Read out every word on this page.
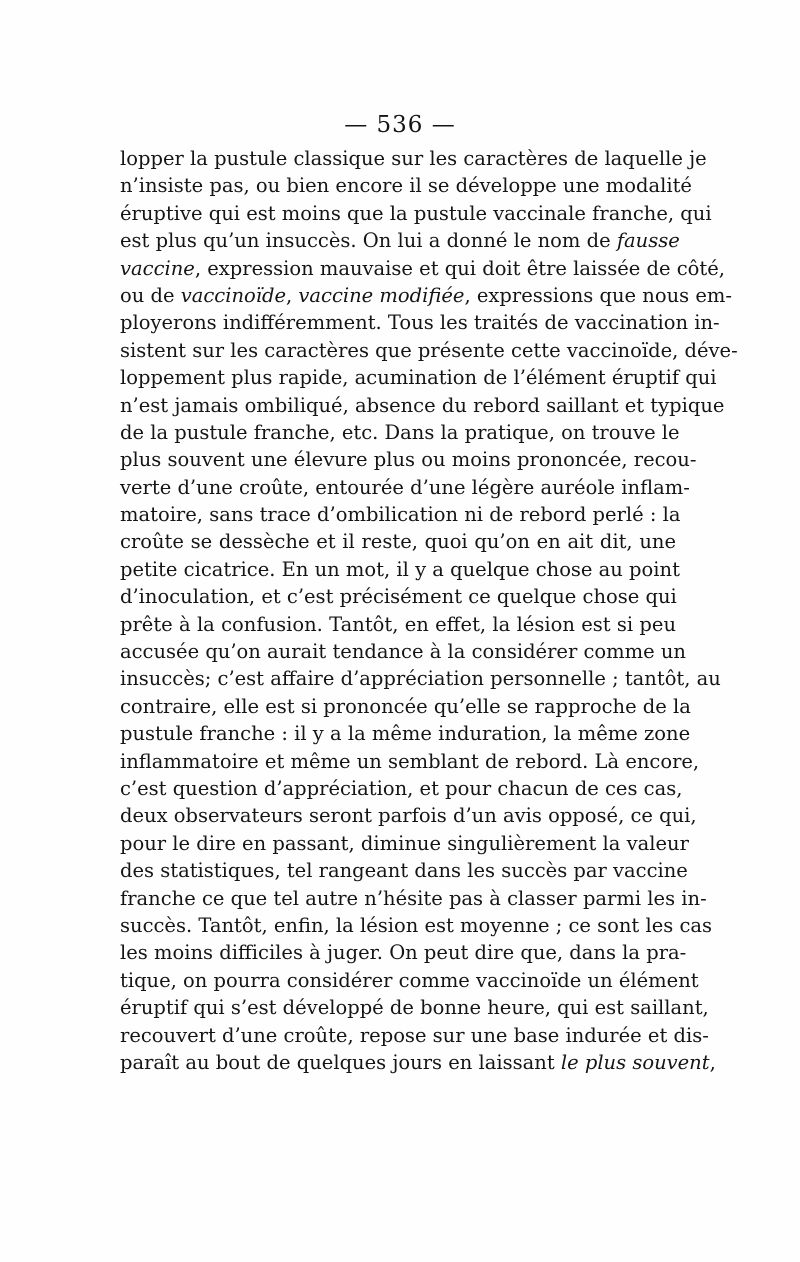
— 536 —
lopper la pustule classique sur les caractères de laquelle je
n’insiste pas, ou bien encore il se développe une modalité
éruptive qui est moins que la pustule vaccinale franche, qui
est plus qu’un insuccès. On lui a donné le nom de fausse
vaccine, expression mauvaise et qui doit être laissée de côté,
ou de vaccinoïde, vaccine modifiée, expressions que nous em-
ployerons indifféremment. Tous les traités de vaccination in-
sistent sur les caractères que présente cette vaccinoïde, déve-
loppement plus rapide, acumination de l’élément éruptif qui
n’est jamais ombiliqué, absence du rebord saillant et typique
de la pustule franche, etc. Dans la pratique, on trouve le
plus souvent une élevure plus ou moins prononcée, recou-
verte d’une croûte, entourée d’une légère auréole inflam-
matoire, sans trace d’ombilication ni de rebord perlé : la
croûte se dessèche et il reste, quoi qu’on en ait dit, une
petite cicatrice. En un mot, il y a quelque chose au point
d’inoculation, et c’est précisément ce quelque chose qui
prête à la confusion. Tantôt, en effet, la lésion est si peu
accusée qu’on aurait tendance à la considérer comme un
insuccès; c’est affaire d’appréciation personnelle ; tantôt, au
contraire, elle est si prononcée qu’elle se rapproche de la
pustule franche : il y a la même induration, la même zone
inflammatoire et même un semblant de rebord. Là encore,
c’est question d’appréciation, et pour chacun de ces cas,
deux observateurs seront parfois d’un avis opposé, ce qui,
pour le dire en passant, diminue singulièrement la valeur
des statistiques, tel rangeant dans les succès par vaccine
franche ce que tel autre n’hésite pas à classer parmi les in-
succès. Tantôt, enfin, la lésion est moyenne ; ce sont les cas
les moins difficiles à juger. On peut dire que, dans la pra-
tique, on pourra considérer comme vaccinoïde un élément
éruptif qui s’est développé de bonne heure, qui est saillant,
recouvert d’une croûte, repose sur une base indurée et dis-
paraît au bout de quelques jours en laissant le plus souvent,
